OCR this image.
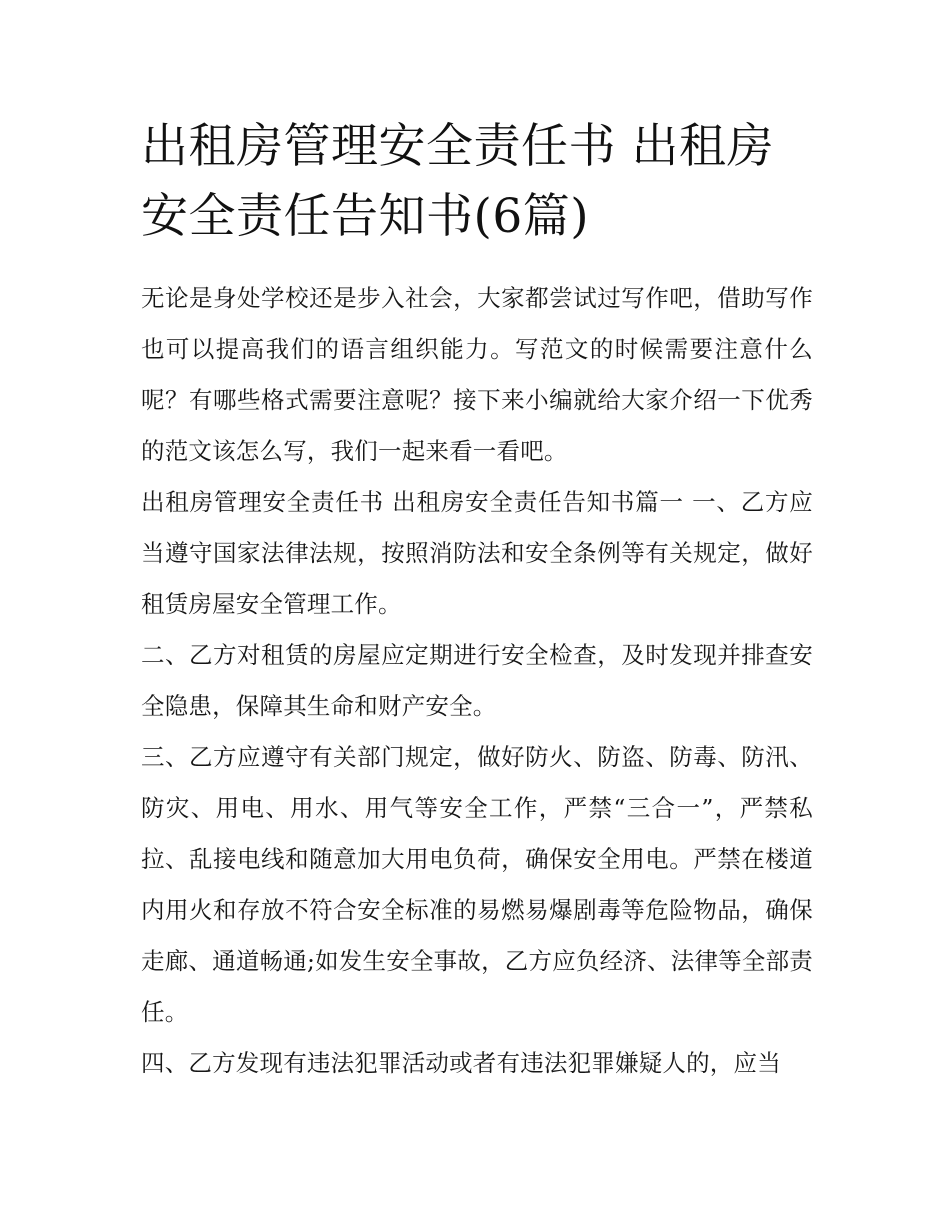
出租房管理安全责任书 出租房安全责任告知书(6篇)

无论是身处学校还是步入社会，大家都尝试过写作吧，借助写作也可以提高我们的语言组织能力。写范文的时候需要注意什么呢？有哪些格式需要注意呢？接下来小编就给大家介绍一下优秀的范文该怎么写，我们一起来看一看吧。

出租房管理安全责任书 出租房安全责任告知书篇一 一、乙方应当遵守国家法律法规，按照消防法和安全条例等有关规定，做好租赁房屋安全管理工作。

二、乙方对租赁的房屋应定期进行安全检查，及时发现并排查安全隐患，保障其生命和财产安全。

三、乙方应遵守有关部门规定，做好防火、防盗、防毒、防汛、防灾、用电、用水、用气等安全工作，严禁“三合一”，严禁私拉、乱接电线和随意加大用电负荷，确保安全用电。严禁在楼道内用火和存放不符合安全标准的易燃易爆剧毒等危险物品，确保走廊、通道畅通;如发生安全事故，乙方应负经济、法律等全部责任。

四、乙方发现有违法犯罪活动或者有违法犯罪嫌疑人的，应当
